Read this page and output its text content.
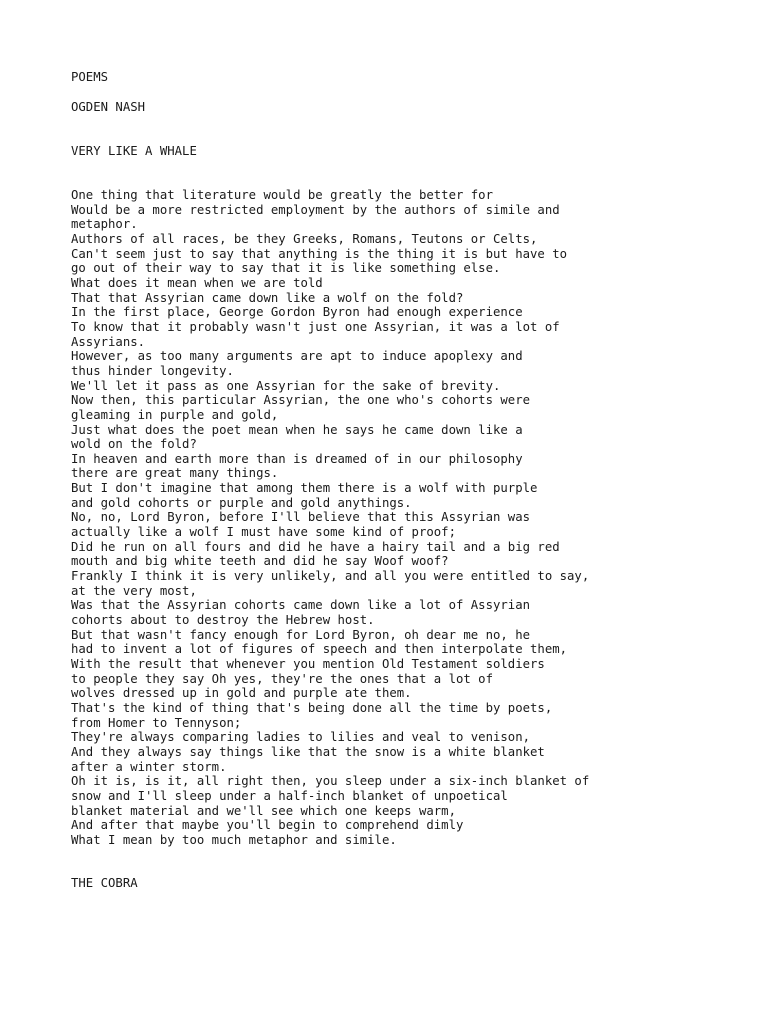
POEMS
OGDEN NASH
VERY LIKE A WHALE
One thing that literature would be greatly the better for
Would be a more restricted employment by the authors of simile and
metaphor.
Authors of all races, be they Greeks, Romans, Teutons or Celts,
Can't seem just to say that anything is the thing it is but have to
go out of their way to say that it is like something else.
What does it mean when we are told
That that Assyrian came down like a wolf on the fold?
In the first place, George Gordon Byron had enough experience
To know that it probably wasn't just one Assyrian, it was a lot of
Assyrians.
However, as too many arguments are apt to induce apoplexy and
thus hinder longevity.
We'll let it pass as one Assyrian for the sake of brevity.
Now then, this particular Assyrian, the one who's cohorts were
gleaming in purple and gold,
Just what does the poet mean when he says he came down like a
wold on the fold?
In heaven and earth more than is dreamed of in our philosophy
there are great many things.
But I don't imagine that among them there is a wolf with purple
and gold cohorts or purple and gold anythings.
No, no, Lord Byron, before I'll believe that this Assyrian was
actually like a wolf I must have some kind of proof;
Did he run on all fours and did he have a hairy tail and a big red
mouth and big white teeth and did he say Woof woof?
Frankly I think it is very unlikely, and all you were entitled to say,
at the very most,
Was that the Assyrian cohorts came down like a lot of Assyrian
cohorts about to destroy the Hebrew host.
But that wasn't fancy enough for Lord Byron, oh dear me no, he
had to invent a lot of figures of speech and then interpolate them,
With the result that whenever you mention Old Testament soldiers
to people they say Oh yes, they're the ones that a lot of
wolves dressed up in gold and purple ate them.
That's the kind of thing that's being done all the time by poets,
from Homer to Tennyson;
They're always comparing ladies to lilies and veal to venison,
And they always say things like that the snow is a white blanket
after a winter storm.
Oh it is, is it, all right then, you sleep under a six-inch blanket of
snow and I'll sleep under a half-inch blanket of unpoetical
blanket material and we'll see which one keeps warm,
And after that maybe you'll begin to comprehend dimly
What I mean by too much metaphor and simile.
THE COBRA
